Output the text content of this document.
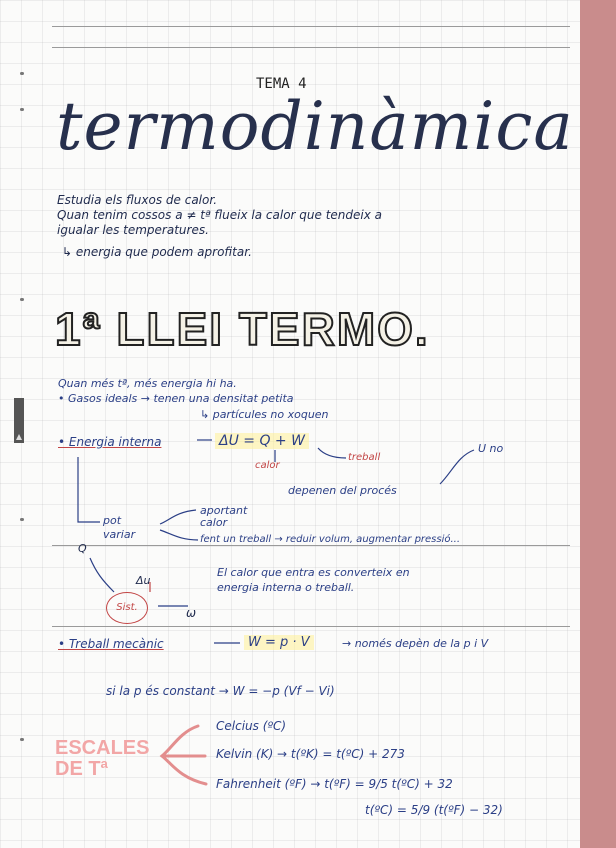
TEMA 4
termodinàmica
Estudia els fluxos de calor.
Quan tenim cossos a ≠ tª flueix la calor que tendeix a
igualar les temperatures.
↳ energia que podem aprofitar.
1ª LLEI TERMO.
Quan més tª, més energia hi ha.
• Gasos ideals → tenen una densitat petita
↳ partícules no xoquen
• Energia interna	ΔU = Q + W
calor
treball
U no
depenen del procés
pot
variar
aportant
calor
fent un treball → reduir volum, augmentar pressió...
Q
Δu
Sist.	ω
El calor que entra es converteix en
energia interna o treball.
• Treball mecànic	W = p · V	→ només depèn de la p i V
si la p és constant → W = −p (Vf − Vi)
ESCALES
DE Tª
Celcius (ºC)
Kelvin (K) → t(ºK) = t(ºC) + 273
Fahrenheit (ºF) → t(ºF) = 9/5 t(ºC) + 32
t(ºC) = 5/9 (t(ºF) − 32)
